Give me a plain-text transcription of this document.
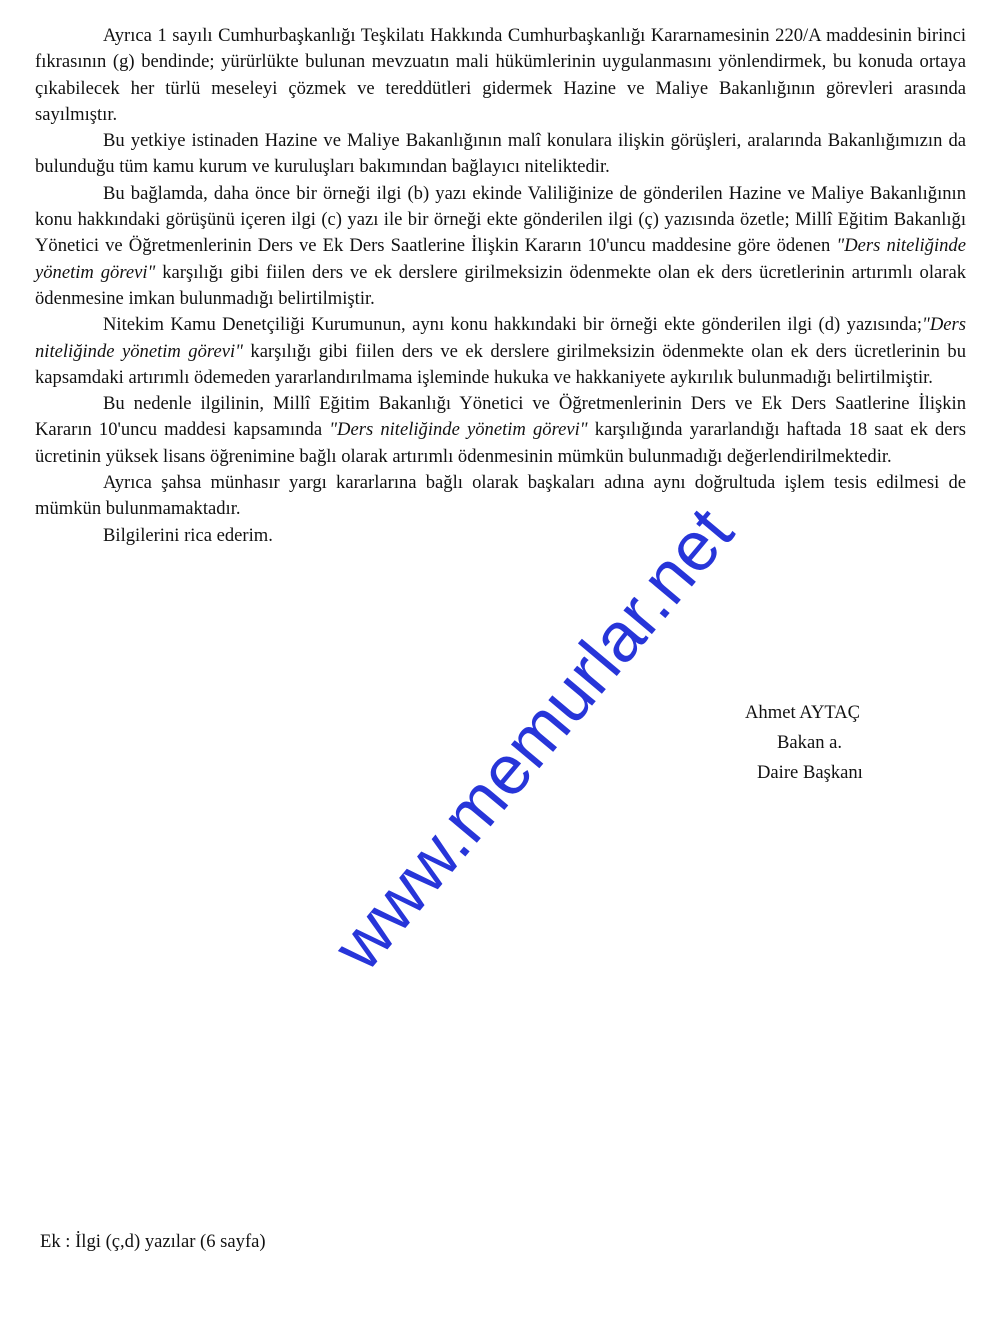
Ayrıca 1 sayılı Cumhurbaşkanlığı Teşkilatı Hakkında Cumhurbaşkanlığı Kararnamesinin 220/A maddesinin birinci fıkrasının (g) bendinde; yürürlükte bulunan mevzuatın mali hükümlerinin uygulanmasını yönlendirmek, bu konuda ortaya çıkabilecek her türlü meseleyi çözmek ve tereddütleri gidermek Hazine ve Maliye Bakanlığının görevleri arasında sayılmıştır.

Bu yetkiye istinaden Hazine ve Maliye Bakanlığının malî konulara ilişkin görüşleri, aralarında Bakanlığımızın da bulunduğu tüm kamu kurum ve kuruluşları bakımından bağlayıcı niteliktedir.

Bu bağlamda, daha önce bir örneği ilgi (b) yazı ekinde Valiliğinize de gönderilen Hazine ve Maliye Bakanlığının konu hakkındaki görüşünü içeren ilgi (c) yazı ile bir örneği ekte gönderilen ilgi (ç) yazısında özetle; Millî Eğitim Bakanlığı Yönetici ve Öğretmenlerinin Ders ve Ek Ders Saatlerine İlişkin Kararın 10'uncu maddesine göre ödenen "Ders niteliğinde yönetim görevi" karşılığı gibi fiilen ders ve ek derslere girilmeksizin ödenmekte olan ek ders ücretlerinin artırımlı olarak ödenmesine imkan bulunmadığı belirtilmiştir.

Nitekim Kamu Denetçiliği Kurumunun, aynı konu hakkındaki bir örneği ekte gönderilen ilgi (d) yazısında;"Ders niteliğinde yönetim görevi" karşılığı gibi fiilen ders ve ek derslere girilmeksizin ödenmekte olan ek ders ücretlerinin bu kapsamdaki artırımlı ödemeden yararlandırılmama işleminde hukuka ve hakkaniyete aykırılık bulunmadığı belirtilmiştir.

Bu nedenle ilgilinin, Millî Eğitim Bakanlığı Yönetici ve Öğretmenlerinin Ders ve Ek Ders Saatlerine İlişkin Kararın 10'uncu maddesi kapsamında "Ders niteliğinde yönetim görevi" karşılığında yararlandığı haftada 18 saat ek ders ücretinin yüksek lisans öğrenimine bağlı olarak artırımlı ödenmesinin mümkün bulunmadığı değerlendirilmektedir.

Ayrıca şahsa münhasır yargı kararlarına bağlı olarak başkaları adına aynı doğrultuda işlem tesis edilmesi de mümkün bulunmamaktadır.

Bilgilerini rica ederim.

Ahmet AYTAÇ
Bakan a.
Daire Başkanı
Ek : İlgi (ç,d) yazılar (6 sayfa)
www.memurlar.net
